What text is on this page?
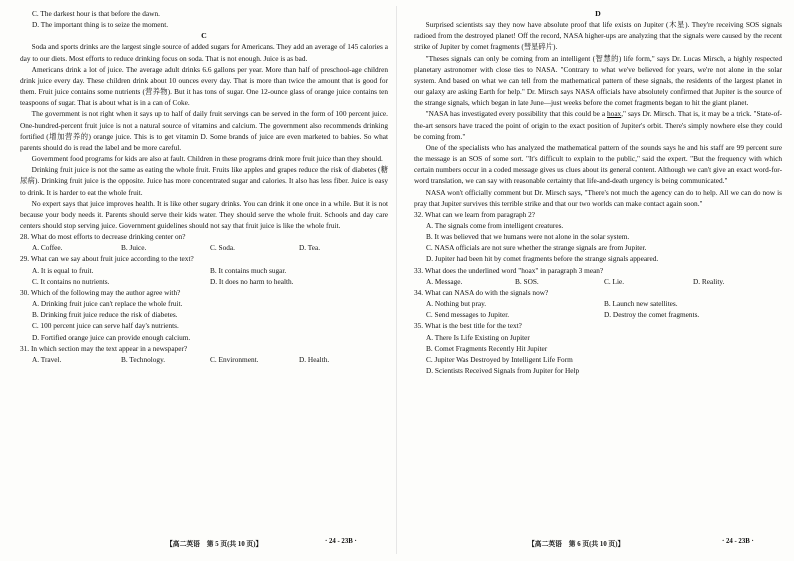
C. The darkest hour is that before the dawn.

D. The important thing is to seize the moment.

C

Soda and sports drinks are the largest single source of added sugars for Americans. They add an average of 145 calories a day to our diets. Most efforts to reduce drinking focus on soda. That is not enough. Juice is as bad.

Americans drink a lot of juice. The average adult drinks 6.6 gallons per year. More than half of preschool-age children drink juice every day. These children drink about 10 ounces every day. That is more than twice the amount that is good for them. Fruit juice contains some nutrients (营养物). But it has tons of sugar. One 12-ounce glass of orange juice contains ten teaspoons of sugar. That is about what is in a can of Coke.

The government is not right when it says up to half of daily fruit servings can be served in the form of 100 percent juice. One-hundred-percent fruit juice is not a natural source of vitamins and calcium. The government also recommends drinking fortified (增加营养的) orange juice. This is to get vitamin D. Some brands of juice are even marketed to babies. So what parents should do is read the label and be more careful.

Government food programs for kids are also at fault. Children in these programs drink more fruit juice than they should.

Drinking fruit juice is not the same as eating the whole fruit. Fruits like apples and grapes reduce the risk of diabetes (糖尿病). Drinking fruit juice is the opposite. Juice has more concentrated sugar and calories. It also has less fiber. Juice is easy to drink. It is harder to eat the whole fruit.

No expert says that juice improves health. It is like other sugary drinks. You can drink it one once in a while. But it is not because your body needs it. Parents should serve their kids water. They should serve the whole fruit. Schools and day care centers should stop serving juice. Government guidelines should not say that fruit juice is like the whole fruit.

28. What do most efforts to decrease drinking center on?

A. Coffee.	B. Juice.	C. Soda.	D. Tea.

29. What can we say about fruit juice according to the text?

A. It is equal to fruit.	B. It contains much sugar.
C. It contains no nutrients.	D. It does no harm to health.

30. Which of the following may the author agree with?

A. Drinking fruit juice can't replace the whole fruit.

B. Drinking fruit juice reduce the risk of diabetes.

C. 100 percent juice can serve half day's nutrients.

D. Fortified orange juice can provide enough calcium.

31. In which section may the text appear in a newspaper?

A. Travel.	B. Technology.	C. Environment.	D. Health.
【高二英语　第 5 页(共 10 页)】	· 24 - 23B ·

D

Surprised scientists say they now have absolute proof that life exists on Jupiter (木星). They're receiving SOS signals radioed from the destroyed planet! Off the record, NASA higher-ups are analyzing that the signals were caused by the recent strike of Jupiter by comet fragments (彗星碎片).

"Theses signals can only be coming from an intelligent (智慧的) life form," says Dr. Lucas Mirsch, a highly respected planetary astronomer with close ties to NASA. "Contrary to what we've believed for years, we're not alone in the solar system. And based on what we can tell from the mathematical pattern of these signals, the residents of the largest planet in our galaxy are asking Earth for help." Dr. Mirsch says NASA officials have absolutely confirmed that Jupiter is the source of the strange signals, which began in late June—just weeks before the comet fragments began to hit the giant planet.

"NASA has investigated every possibility that this could be a hoax," says Dr. Mirsch. That is, it may be a trick. "State-of-the-art sensors have traced the point of origin to the exact position of Jupiter's orbit. There's simply nowhere else they could be coming from."

One of the specialists who has analyzed the mathematical pattern of the sounds says he and his staff are 99 percent sure the message is an SOS of some sort. "It's difficult to explain to the public," said the expert. "But the frequency with which certain numbers occur in a coded message gives us clues about its general content. Although we can't give an exact word-for-word translation, we can say with reasonable certainty that life-and-death urgency is being communicated."

NASA won't officially comment but Dr. Mirsch says, "There's not much the agency can do to help. All we can do now is pray that Jupiter survives this terrible strike and that our two worlds can make contact again soon."

32. What can we learn from paragraph 2?

A. The signals come from intelligent creatures.

B. It was believed that we humans were not alone in the solar system.

C. NASA officials are not sure whether the strange signals are from Jupiter.

D. Jupiter had been hit by comet fragments before the strange signals appeared.

33. What does the underlined word "hoax" in paragraph 3 mean?

A. Message.	B. SOS.	C. Lie.	D. Reality.

34. What can NASA do with the signals now?

A. Nothing but pray.	B. Launch new satellites.
C. Send messages to Jupiter.	D. Destroy the comet fragments.

35. What is the best title for the text?

A. There Is Life Existing on Jupiter

B. Comet Fragments Recently Hit Jupiter

C. Jupiter Was Destroyed by Intelligent Life Form

D. Scientists Received Signals from Jupiter for Help

【高二英语　第 6 页(共 10 页)】	· 24 - 23B ·
